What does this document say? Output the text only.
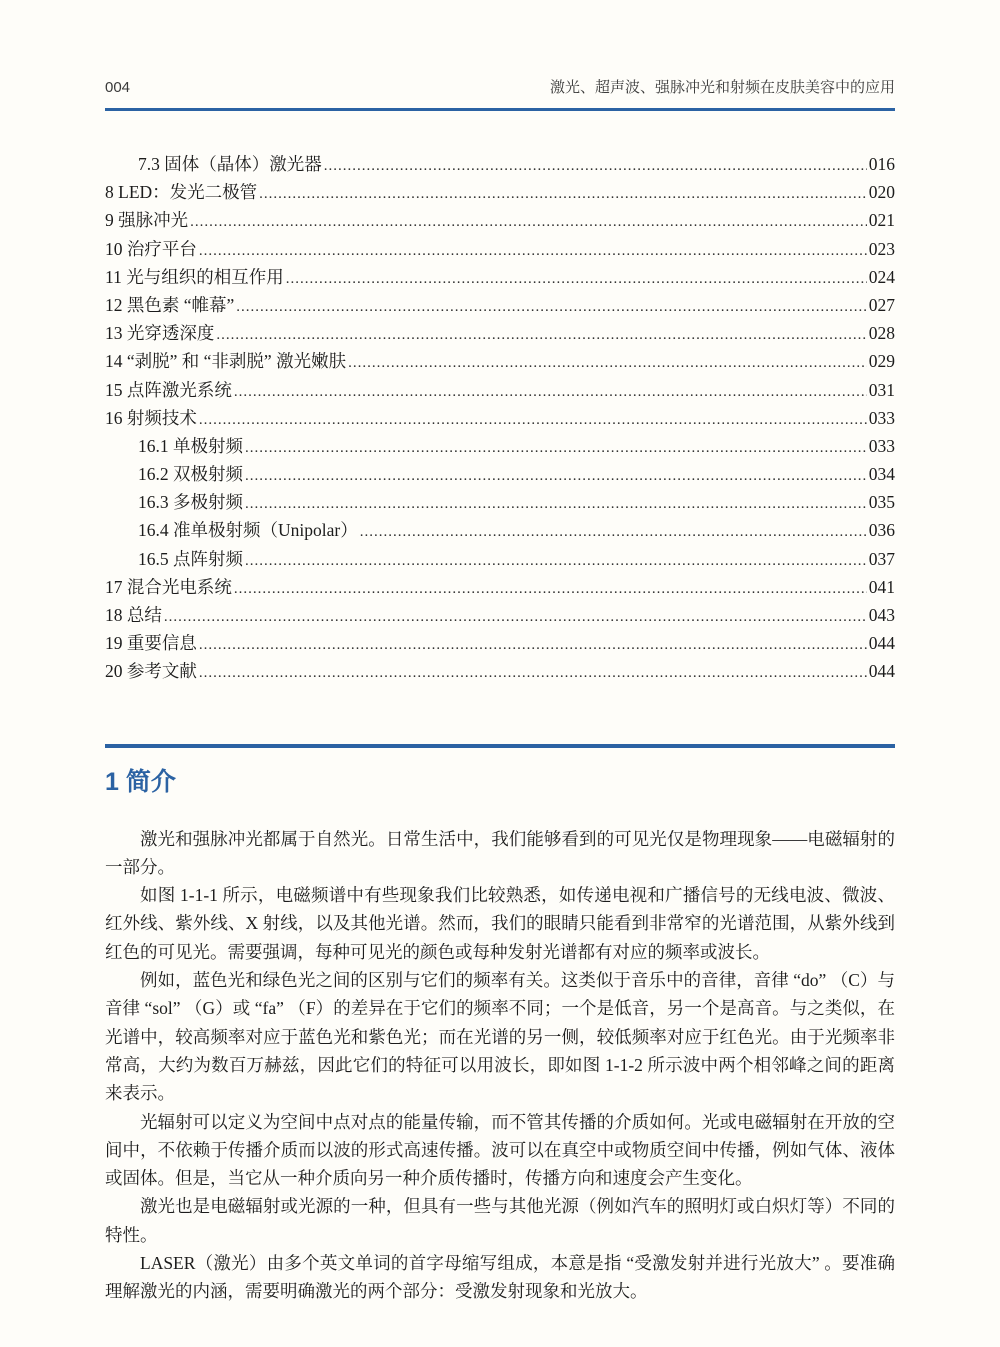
004	激光、超声波、强脉冲光和射频在皮肤美容中的应用
7.3 固体（晶体）激光器 .....	016
8 LED：发光二极管 .....	020
9 强脉冲光 .....	021
10 治疗平台 .....	023
11 光与组织的相互作用 .....	024
12 黑色素 “帷幕” .....	027
13 光穿透深度 .....	028
14 “剥脱” 和 “非剥脱” 激光嫩肤 .....	029
15 点阵激光系统 .....	031
16 射频技术 .....	033
16.1 单极射频 .....	033
16.2 双极射频 .....	034
16.3 多极射频 .....	035
16.4 准单极射频（Unipolar） .....	036
16.5 点阵射频 .....	037
17 混合光电系统 .....	041
18 总结 .....	043
19 重要信息 .....	044
20 参考文献 .....	044
1 简介

激光和强脉冲光都属于自然光。日常生活中，我们能够看到的可见光仅是物理现象——电磁辐射的一部分。

如图 1-1-1 所示，电磁频谱中有些现象我们比较熟悉，如传递电视和广播信号的无线电波、微波、红外线、紫外线、X 射线，以及其他光谱。然而，我们的眼睛只能看到非常窄的光谱范围，从紫外线到红色的可见光。需要强调，每种可见光的颜色或每种发射光谱都有对应的频率或波长。

例如，蓝色光和绿色光之间的区别与它们的频率有关。这类似于音乐中的音律，音律 “do” （C）与音律 “sol” （G）或 “fa” （F）的差异在于它们的频率不同；一个是低音，另一个是高音。与之类似，在光谱中，较高频率对应于蓝色光和紫色光；而在光谱的另一侧，较低频率对应于红色光。由于光频率非常高，大约为数百万赫兹，因此它们的特征可以用波长，即如图 1-1-2 所示波中两个相邻峰之间的距离来表示。

光辐射可以定义为空间中点对点的能量传输，而不管其传播的介质如何。光或电磁辐射在开放的空间中，不依赖于传播介质而以波的形式高速传播。波可以在真空中或物质空间中传播，例如气体、液体或固体。但是，当它从一种介质向另一种介质传播时，传播方向和速度会产生变化。

激光也是电磁辐射或光源的一种，但具有一些与其他光源（例如汽车的照明灯或白炽灯等）不同的特性。

LASER（激光）由多个英文单词的首字母缩写组成，本意是指 “受激发射并进行光放大” 。要准确理解激光的内涵，需要明确激光的两个部分：受激发射现象和光放大。
